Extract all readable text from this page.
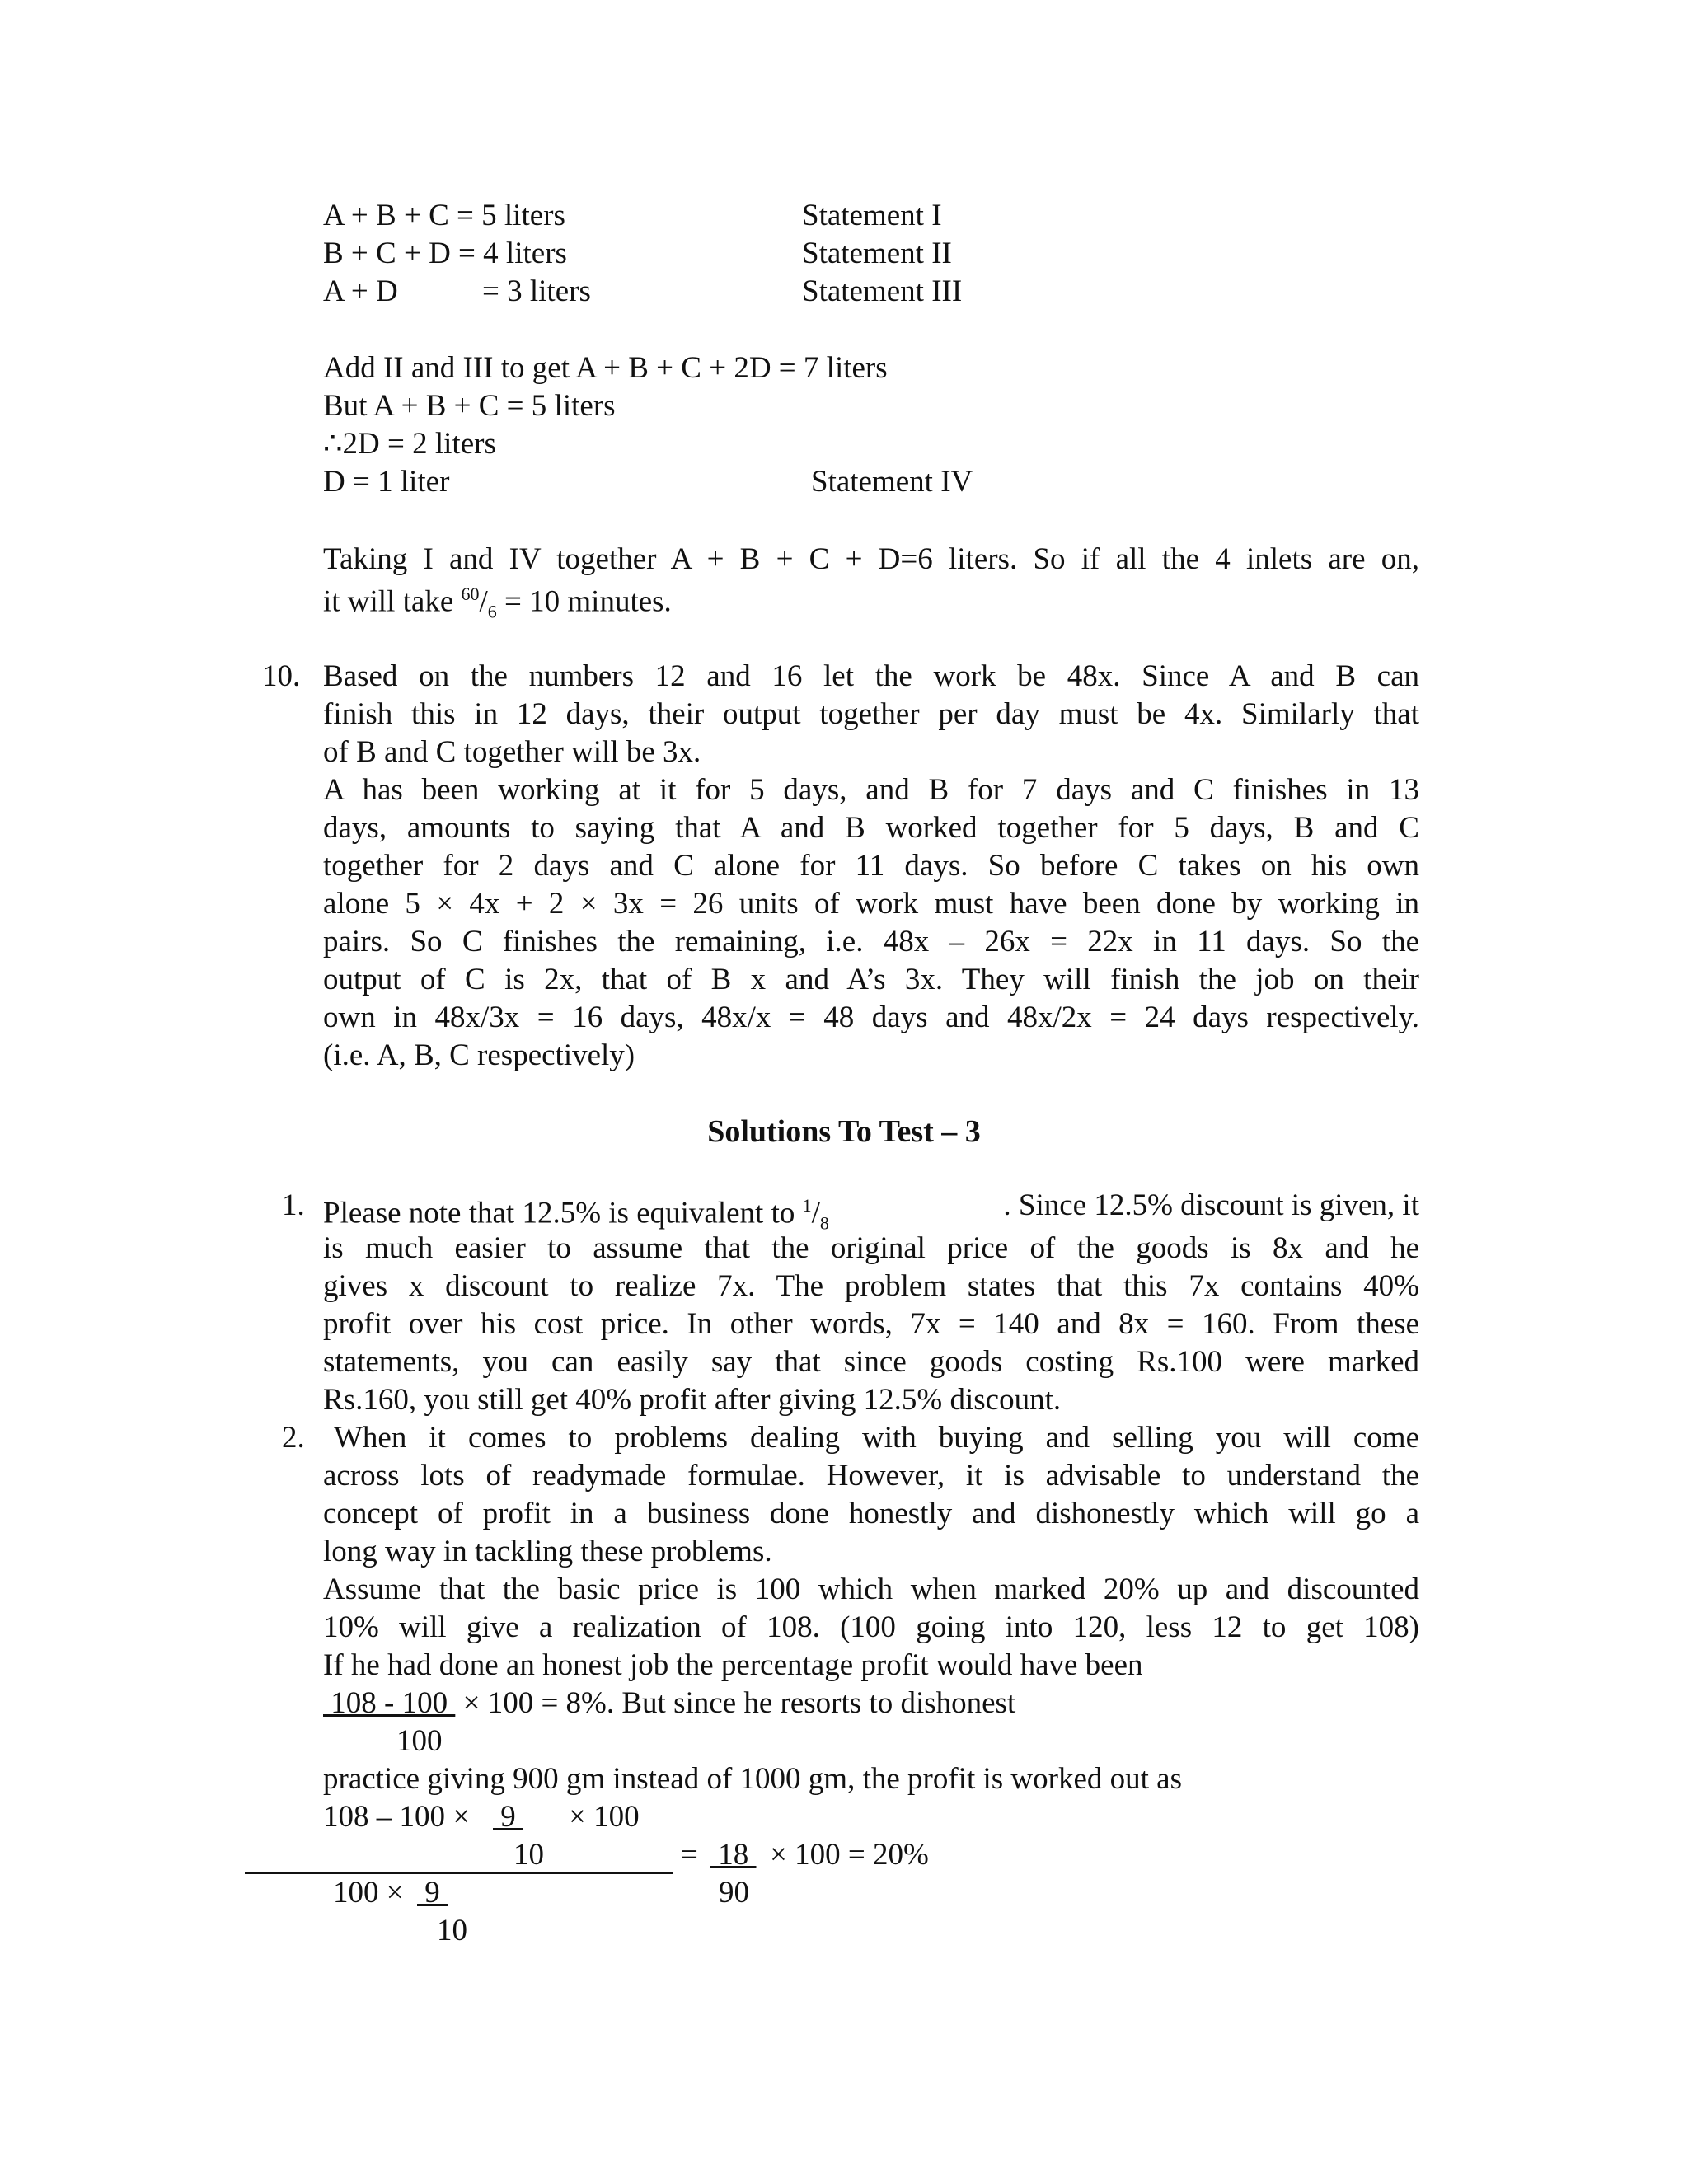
A + B + C = 5 liters	Statement I
B + C + D = 4 liters	Statement II
A + D	= 3 liters	Statement III
Add II and III to get A + B + C + 2D = 7 liters
But A + B + C = 5 liters
∴2D = 2 liters
D = 1 liter	Statement IV
Taking I and IV together A + B + C + D=6 liters. So if all the 4 inlets are on,
it will take $^{60}/_6 = 10$ minutes.
10. Based on the numbers 12 and 16 let the work be 48x. Since A and B can
finish this in 12 days, their output together per day must be 4x. Similarly that
of B and C together will be 3x.
A has been working at it for 5 days, and B for 7 days and C finishes in 13
days, amounts to saying that A and B worked together for 5 days, B and C
together for 2 days and C alone for 11 days. So before C takes on his own
alone 5 × 4x + 2 × 3x = 26 units of work must have been done by working in
pairs. So C finishes the remaining, i.e. 48x – 26x = 22x in 11 days. So the
output of C is 2x, that of B x and A’s 3x. They will finish the job on their
own in 48x/3x = 16 days, 48x/x = 48 days and 48x/2x = 24 days respectively.
(i.e. A, B, C respectively)
Solutions To Test – 3
1. Please note that 12.5% is equivalent to $^1/_8$
. Since 12.5% discount is given, it
is much easier to assume that the original price of the goods is 8x and he
gives x discount to realize 7x. The problem states that this 7x contains 40%
profit over his cost price. In other words, 7x = 140 and 8x = 160. From these
statements, you can easily say that since goods costing Rs.100 were marked
Rs.160, you still get 40% profit after giving 12.5% discount.
2. When it comes to problems dealing with buying and selling you will come
across lots of readymade formulae. However, it is advisable to understand the
concept of profit in a business done honestly and dishonestly which will go a
long way in tackling these problems.
Assume that the basic price is 100 which when marked 20% up and discounted
10% will give a realization of 108. (100 going into 120, less 12 to get 108)
If he had done an honest job the percentage profit would have been
108 - 100  × 100 = 8%. But since he resorts to dishonest
100
practice giving 900 gm instead of 1000 gm, the profit is worked out as
108 – 100 × 9 × 100
10	= 18 × 100 = 20%
100 × 9	90
10
